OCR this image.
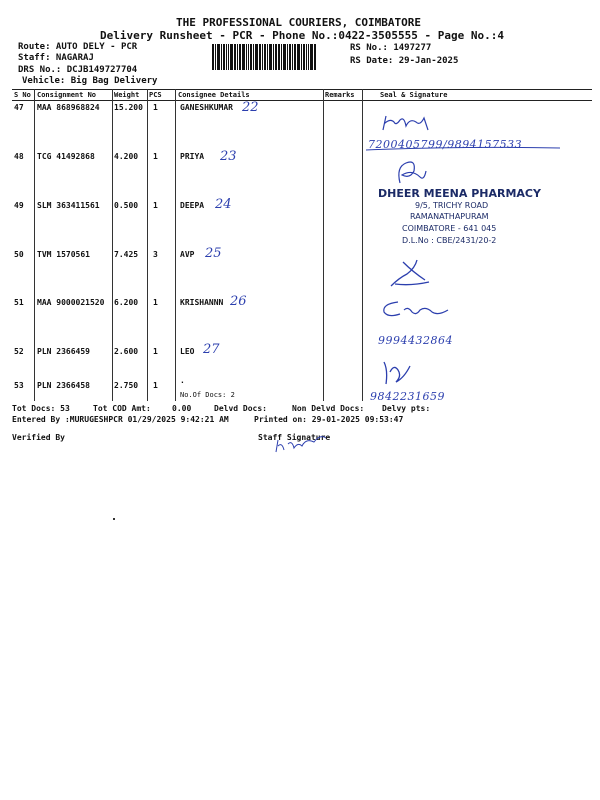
THE PROFESSIONAL COURIERS, COIMBATORE
Delivery Runsheet - PCR - Phone No.:0422-3505555 - Page No.:4
Route: AUTO DELY - PCR
Staff: NAGARAJ
DRS No.: DCJB149727704
Vehicle: Big Bag Delivery
RS No.: 1497277
RS Date: 29-Jan-2025
S No Consignment No	Weight PCS Consignee Details	Remarks	Seal & Signature
47 MAA 868968824 15.200 1	GANESHKUMAR 22
48 TCG 41492868 4.200 1	PRIYA 23
49 SLM 363411561 0.500 1	DEEPA 24
50 TVM 1570561	7.425 3	AVP 25
51 MAA 9000021520 6.200 1	KRISHANNN 26
52 PLN 2366459	2.600 1	LEO 27
53 PLN 2366458	2.750 1
.
No.Of Docs: 2
7200405799/9894157533
DHEER MEENA PHARMACY
9/5, TRICHY ROAD
RAMANATHAPURAM
COIMBATORE - 641 045
D.L.No : CBE/2431/20-2
9994432864
9842231659
Tot Docs: 53	Tot COD Amt:	0.00	Delvd Docs:	Non Delvd Docs: Delvy pts:
Entered By :MURUGESHPCR 01/29/2025 9:42:21 AM	Printed on: 29-01-2025 09:53:47
Verified By	Staff Signature
